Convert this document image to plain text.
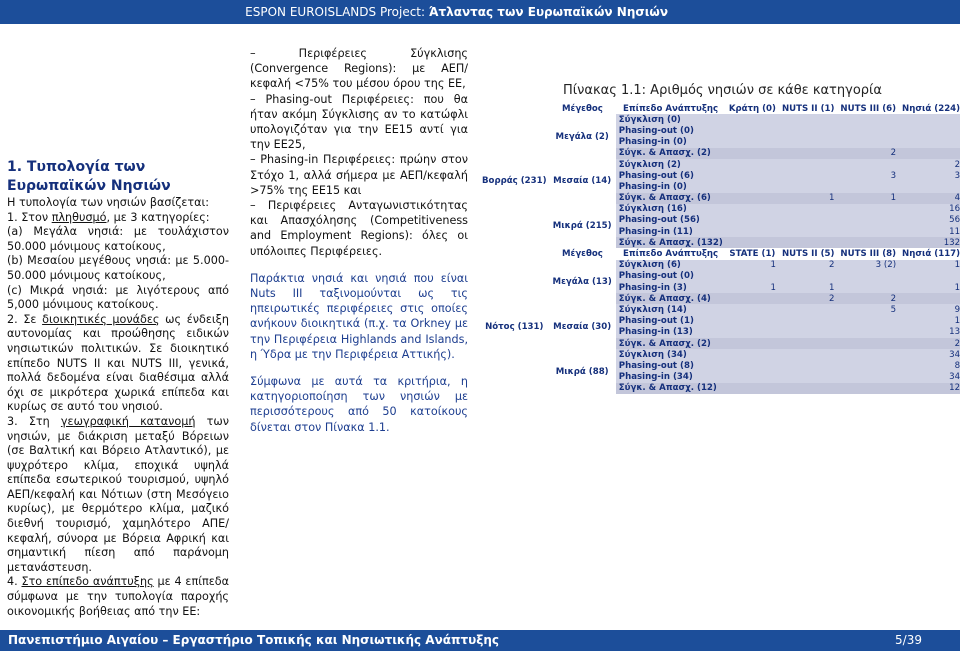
ESPON EUROISLANDS Project: Άτλαντας των Ευρωπαϊκών Νησιών
1. Τυπολογία των Ευρωπαϊκών Νησιών

Η τυπολογία των νησιών βασίζεται:

1. Στον πληθυσμό, με 3 κατηγορίες:

(a) Μεγάλα νησιά: με τουλάχιστον 50.000 μόνιμους κατοίκους,

(b) Μεσαίου μεγέθους νησιά: με 5.000-50.000 μόνιμους κατοίκους,

(c) Μικρά νησιά: με λιγότερους από 5,000 μόνιμους κατοίκους.

2. Σε διοικητικές μονάδες ως ένδειξη αυτονομίας και προώθησης ειδικών νησιωτικών πολιτικών. Σε διοικητικό επίπεδο NUTS II και NUTS III, γενικά, πολλά δεδομένα είναι διαθέσιμα αλλά όχι σε μικρότερα χωρικά επίπεδα και κυρίως σε αυτό του νησιού.

3. Στη γεωγραφική κατανομή των νησιών, με διάκριση μεταξύ Βόρειων (σε Βαλτική και Βόρειο Ατλαντικό), με ψυχρότερο κλίμα, εποχικά υψηλά επίπεδα εσωτερικού τουρισμού, υψηλό ΑΕΠ/κεφαλή και Νότιων (στη Μεσόγειο κυρίως), με θερμότερο κλίμα, μαζικό διεθνή τουρισμό, χαμηλότερο ΑΠΕ/κεφαλή, σύνορα με Βόρεια Αφρική και σημαντική πίεση από παράνομη μετανάστευση.

4. Στο επίπεδο ανάπτυξης με 4 επίπεδα σύμφωνα με την τυπολογία παροχής οικονομικής βοήθειας από την ΕΕ:

– Περιφέρειες Σύγκλισης (Convergence Regions): με ΑΕΠ/κεφαλή <75% του μέσου όρου της ΕΕ,

– Phasing-out Περιφέρειες: που θα ήταν ακόμη Σύγκλισης αν το κατώφλι υπολογιζόταν για την ΕΕ15 αντί για την ΕΕ25,

– Phasing-in Περιφέρειες: πρώην στον Στόχο 1, αλλά σήμερα με ΑΕΠ/κεφαλή >75% της ΕΕ15 και

– Περιφέρειες Ανταγωνιστικότητας και Απασχόλησης (Competitiveness and Employment Regions): όλες οι υπόλοιπες Περιφέρειες.

Παράκτια νησιά και νησιά που είναι Nuts III ταξινομούνται ως τις ηπειρωτικές περιφέρειες στις οποίες ανήκουν διοικητικά (π.χ. τα Orkney με την Περιφέρεια Highlands and Islands, η Ύδρα με την Περιφέρεια Αττικής).

Σύμφωνα με αυτά τα κριτήρια, η κατηγοριοποίηση των νησιών με περισσότερους από 50 κατοίκους δίνεται στον Πίνακα 1.1.

Πίνακας 1.1: Αριθμός νησιών σε κάθε κατηγορία
	Μέγεθος	Επίπεδο Ανάπτυξης	Κράτη (0)	NUTS II (1)	NUTS III (6)	Νησιά (224)
Βορράς (231)	Μεγάλα (2)	Σύγκλιση (0)				
		Phasing-out (0)				
		Phasing-in (0)				
		Σύγκ. & Απασχ. (2)			2	
	Μεσαία (14)	Σύγκλιση (2)				2
		Phasing-out (6)			3	3
		Phasing-in (0)				
		Σύγκ. & Απασχ. (6)		1	1	4
	Μικρά (215)	Σύγκλιση (16)				16
		Phasing-out (56)				56
		Phasing-in (11)				11
		Σύγκ. & Απασχ. (132)				132
	Μέγεθος	Επίπεδο Ανάπτυξης	STATE (1)	NUTS II (5)	NUTS III (8)	Νησιά (117)
Νότος (131)	Μεγάλα (13)	Σύγκλιση (6)	1	2	3 (2)	1
		Phasing-out (0)				
		Phasing-in (3)	1	1		1
		Σύγκ. & Απασχ. (4)		2	2	
	Μεσαία (30)	Σύγκλιση (14)			5	9
		Phasing-out (1)				1
		Phasing-in (13)				13
		Σύγκ. & Απασχ. (2)				2
	Μικρά (88)	Σύγκλιση (34)				34
		Phasing-out (8)				8
		Phasing-in (34)				34
		Σύγκ. & Απασχ. (12)				12
Πανεπιστήμιο Αιγαίου – Εργαστήριο Τοπικής και Νησιωτικής Ανάπτυξης	5/39
